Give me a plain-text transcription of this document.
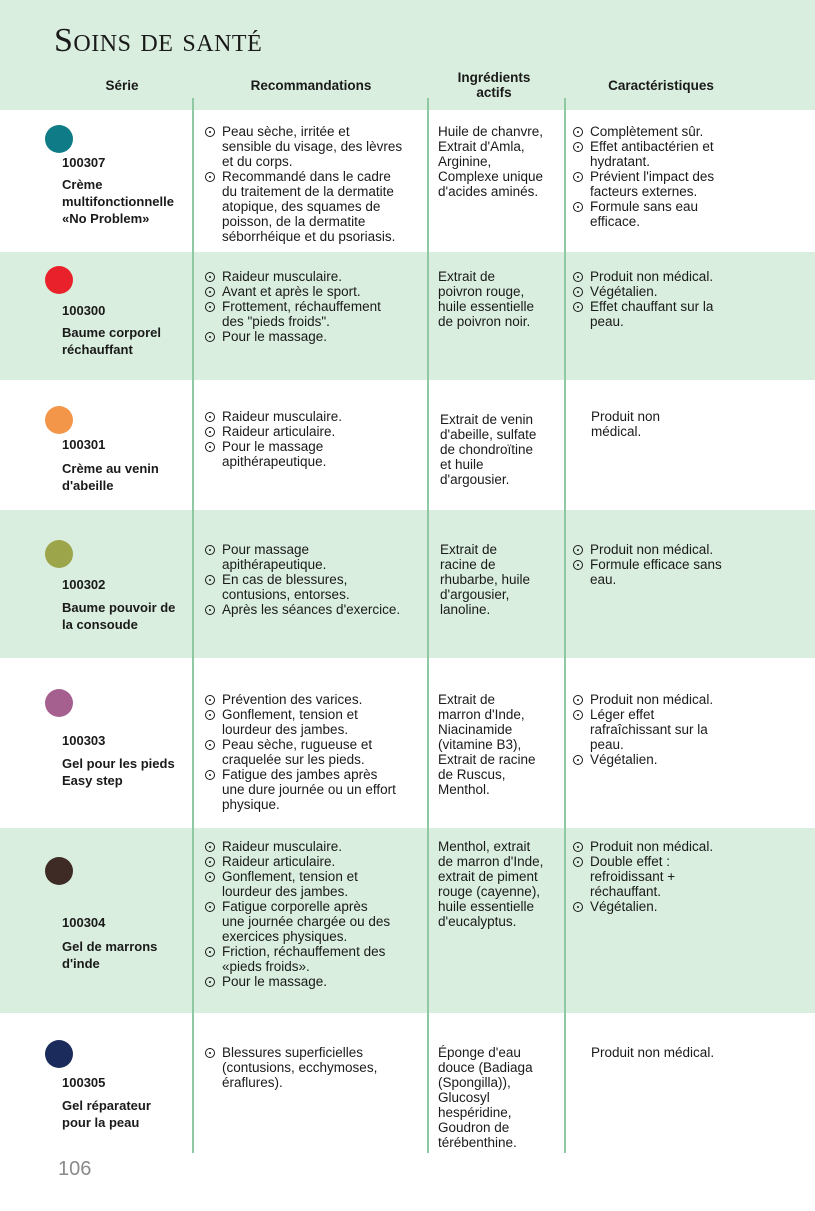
Soins de santé
Série	Recommandations
Ingrédients
actifs	Caractéristiques
100307
Crème
multifonctionnelle
«No Problem»
Peau sèche, irritée et
sensible du visage, des lèvres
et du corps.
Recommandé dans le cadre
du traitement de la dermatite
atopique, des squames de
poisson, de la dermatite
séborrhéique et du psoriasis.
Huile de chanvre,
Extrait d'Amla,
Arginine,
Complexe unique
d'acides aminés.
Complètement sûr.
Effet antibactérien et
hydratant.
Prévient l'impact des
facteurs externes.
Formule sans eau
efficace.
100300
Baume corporel
réchauffant
Raideur musculaire.
Avant et après le sport.
Frottement, réchauffement
des "pieds froids".
Pour le massage.
Extrait de
poivron rouge,
huile essentielle
de poivron noir.
Produit non médical.
Végétalien.
Effet chauffant sur la
peau.
100301
Crème au venin
d'abeille
Raideur musculaire.
Raideur articulaire.
Pour le massage
apithérapeutique.
Extrait de venin
d'abeille, sulfate
de chondroïtine
et huile
d'argousier.
Produit non
médical.
100302
Baume pouvoir de
la consoude
Pour massage
apithérapeutique.
En cas de blessures,
contusions, entorses.
Après les séances d'exercice.
Extrait de
racine de
rhubarbe, huile
d'argousier,
lanoline.
Produit non médical.
Formule efficace sans
eau.
100303
Gel pour les pieds
Easy step
Prévention des varices.
Gonflement, tension et
lourdeur des jambes.
Peau sèche, rugueuse et
craquelée sur les pieds.
Fatigue des jambes après
une dure journée ou un effort
physique.
Extrait de
marron d'Inde,
Niacinamide
(vitamine B3),
Extrait de racine
de Ruscus,
Menthol.
Produit non médical.
Léger effet
rafraîchissant sur la
peau.
Végétalien.
100304
Gel de marrons
d'inde
Raideur musculaire.
Raideur articulaire.
Gonflement, tension et
lourdeur des jambes.
Fatigue corporelle après
une journée chargée ou des
exercices physiques.
Friction, réchauffement des
«pieds froids».
Pour le massage.
Menthol, extrait
de marron d'Inde,
extrait de piment
rouge (cayenne),
huile essentielle
d'eucalyptus.
Produit non médical.
Double effet :
refroidissant +
réchauffant.
Végétalien.
100305
Gel réparateur
pour la peau
Blessures superficielles
(contusions, ecchymoses,
éraflures).
Éponge d'eau
douce (Badiaga
(Spongilla)),
Glucosyl
hespéridine,
Goudron de
térébenthine.
Produit non médical.
106
